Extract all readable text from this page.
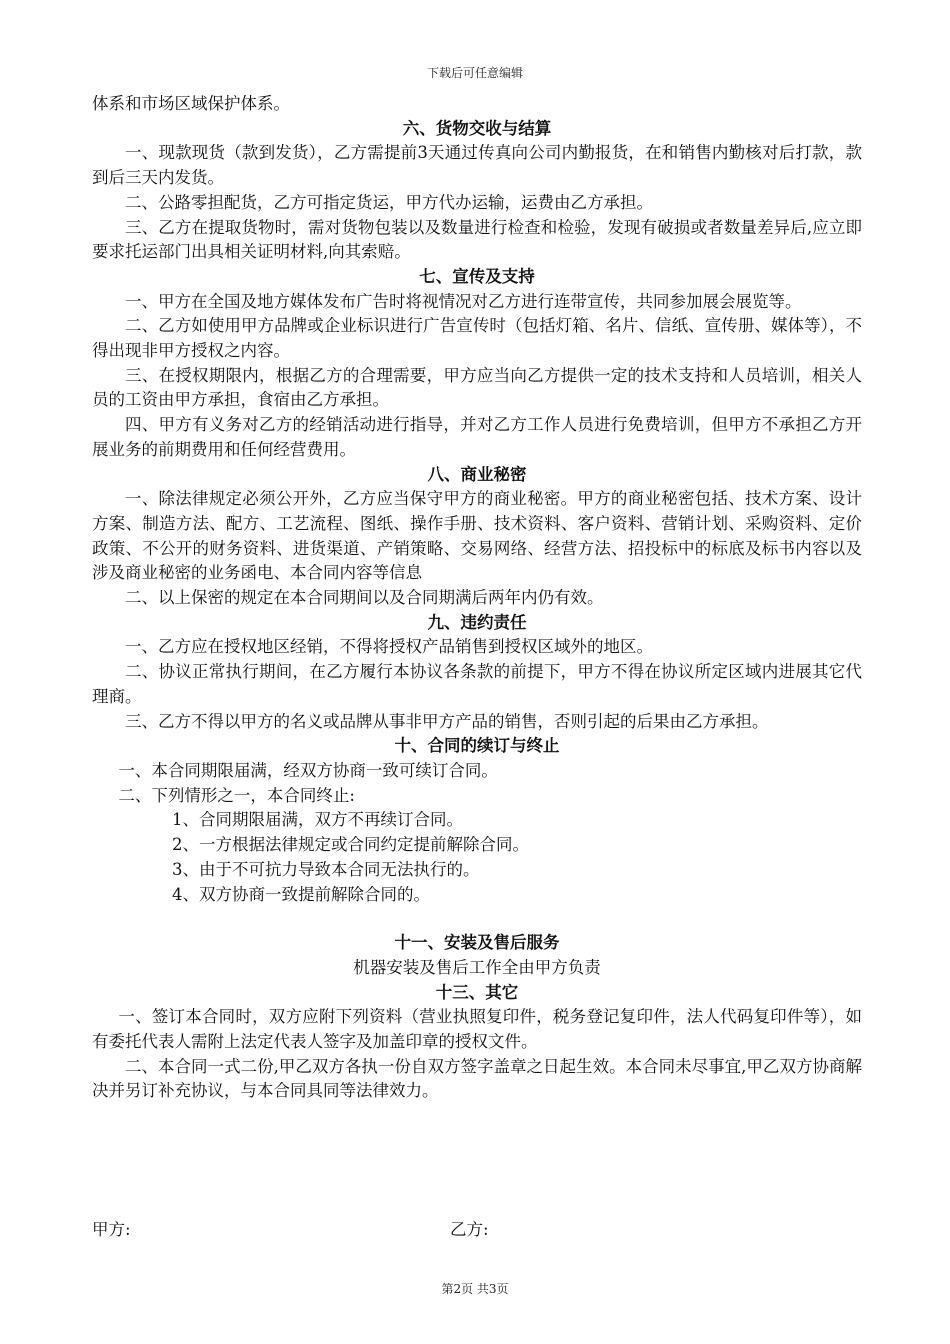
下载后可任意编辑

体系和市场区域保护体系。

六、货物交收与结算

一、现款现货（款到发货），乙方需提前3天通过传真向公司内勤报货，在和销售内勤核对后打款，款到后三天内发货。

二、公路零担配货，乙方可指定货运，甲方代办运输，运费由乙方承担。

三、乙方在提取货物时，需对货物包装以及数量进行检查和检验，发现有破损或者数量差异后,应立即要求托运部门出具相关证明材料,向其索赔。

七、宣传及支持

一、甲方在全国及地方媒体发布广告时将视情况对乙方进行连带宣传，共同参加展会展览等。

二、乙方如使用甲方品牌或企业标识进行广告宣传时（包括灯箱、名片、信纸、宣传册、媒体等），不得出现非甲方授权之内容。

三、在授权期限内，根据乙方的合理需要，甲方应当向乙方提供一定的技术支持和人员培训，相关人员的工资由甲方承担，食宿由乙方承担。

四、甲方有义务对乙方的经销活动进行指导，并对乙方工作人员进行免费培训，但甲方不承担乙方开展业务的前期费用和任何经营费用。

八、商业秘密

一、除法律规定必须公开外，乙方应当保守甲方的商业秘密。甲方的商业秘密包括、技术方案、设计方案、制造方法、配方、工艺流程、图纸、操作手册、技术资料、客户资料、营销计划、采购资料、定价政策、不公开的财务资料、进货渠道、产销策略、交易网络、经营方法、招投标中的标底及标书内容以及涉及商业秘密的业务函电、本合同内容等信息

二、以上保密的规定在本合同期间以及合同期满后两年内仍有效。

九、违约责任

一、乙方应在授权地区经销，不得将授权产品销售到授权区域外的地区。

二、协议正常执行期间，在乙方履行本协议各条款的前提下，甲方不得在协议所定区域内进展其它代理商。

三、乙方不得以甲方的名义或品牌从事非甲方产品的销售，否则引起的后果由乙方承担。

十、合同的续订与终止

一、本合同期限届满，经双方协商一致可续订合同。

二、下列情形之一，本合同终止:

1、合同期限届满，双方不再续订合同。

2、一方根据法律规定或合同约定提前解除合同。

3、由于不可抗力导致本合同无法执行的。

4、双方协商一致提前解除合同的。

十一、安装及售后服务

机器安装及售后工作全由甲方负责

十三、其它

一、签订本合同时，双方应附下列资料（营业执照复印件，税务登记复印件，法人代码复印件等），如有委托代表人需附上法定代表人签字及加盖印章的授权文件。

二、本合同一式二份,甲乙双方各执一份自双方签字盖章之日起生效。本合同未尽事宜,甲乙双方协商解决并另订补充协议，与本合同具同等法律效力。

甲方:	乙方:
第2页 共3页
